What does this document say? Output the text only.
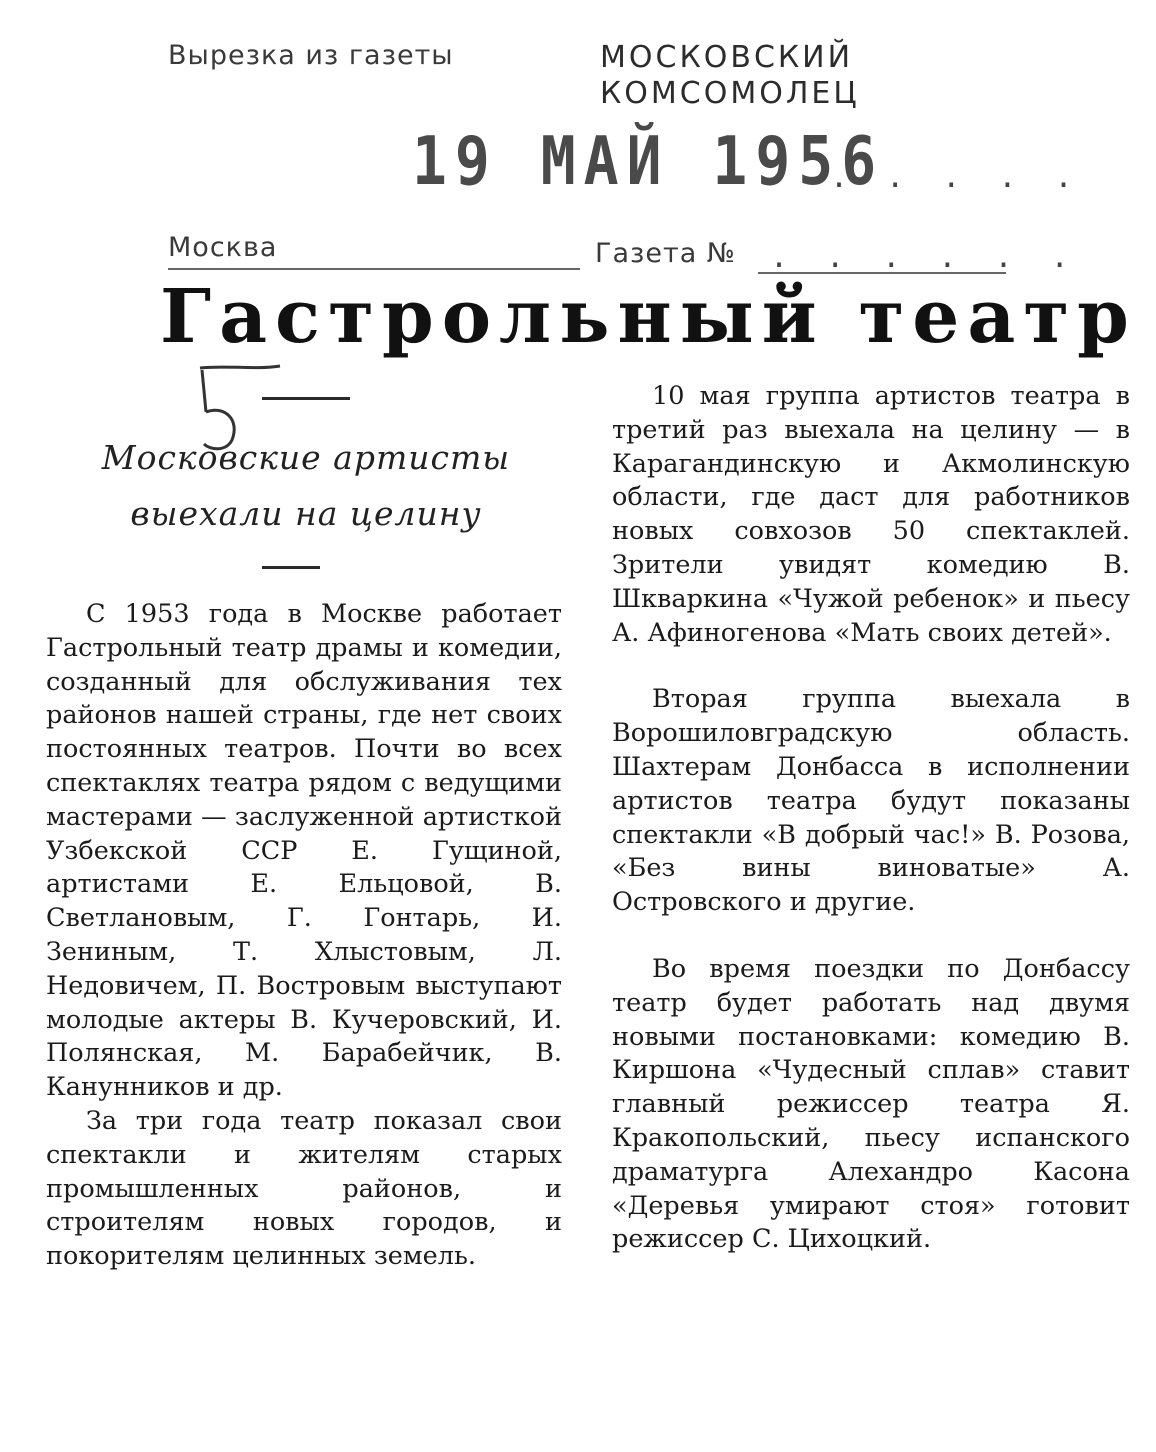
Вырезка из газеты	МОСКОВСКИЙ
КОМСОМОЛЕЦ
19 МАЙ 1956
. . . . .
Москва	Газета № . . . . . .
Гастрольный театр
Московские артисты
выехали на целину

С 1953 года в Москве работает Гастрольный театр драмы и комедии, созданный для обслуживания тех районов нашей страны, где нет своих постоянных театров. Почти во всех спектаклях театра рядом с ведущими мастерами — заслуженной артисткой Узбекской ССР Е. Гущиной, артистами Е. Ельцовой, В. Светлановым, Г. Гонтарь, И. Зениным, Т. Хлыстовым, Л. Недовичем, П. Востровым выступают молодые актеры В. Кучеровский, И. Полянская, М. Барабейчик, В. Канунников и др.

За три года театр показал свои спектакли и жителям старых промышленных районов, и строителям новых городов, и покорителям целинных земель.

10 мая группа артистов театра в третий раз выехала на целину — в Карагандинскую и Акмолинскую области, где даст для работников новых совхозов 50 спектаклей. Зрители увидят комедию В. Шкваркина «Чужой ребенок» и пьесу А. Афиногенова «Мать своих детей».

Вторая группа выехала в Ворошиловградскую область. Шахтерам Донбасса в исполнении артистов театра будут показаны спектакли «В добрый час!» В. Розова, «Без вины виноватые» А. Островского и другие.

Во время поездки по Донбассу театр будет работать над двумя новыми постановками: комедию В. Киршона «Чудесный сплав» ставит главный режиссер театра Я. Кракопольский, пьесу испанского драматурга Алехандро Касона «Деревья умирают стоя» готовит режиссер С. Цихоцкий.
